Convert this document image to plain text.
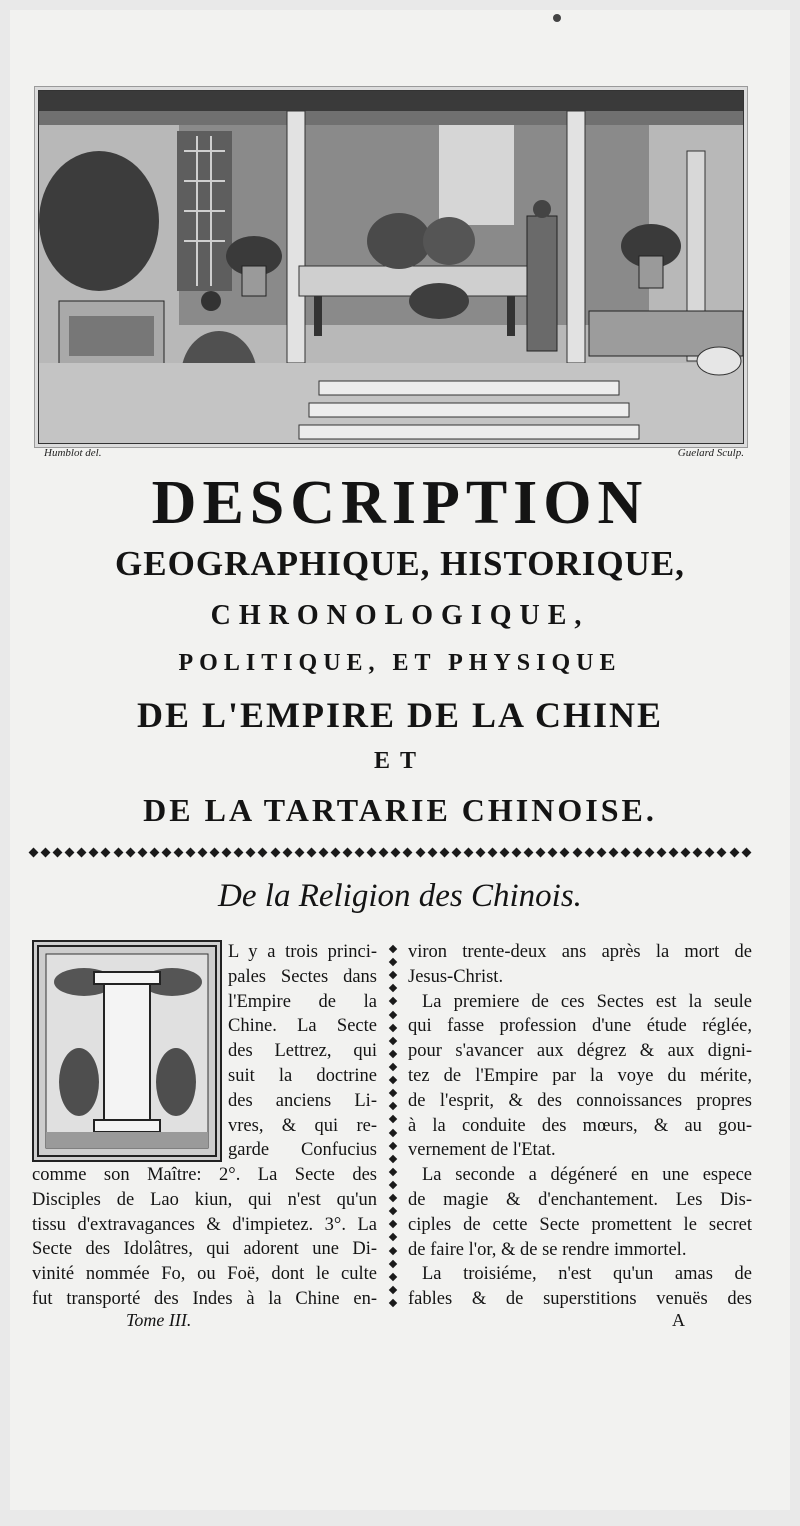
Humblot del.	Guelard Sculp.
DESCRIPTION
GEOGRAPHIQUE, HISTORIQUE,
CHRONOLOGIQUE,
POLITIQUE, ET PHYSIQUE
DE L'EMPIRE DE LA CHINE
ET
DE LA TARTARIE CHINOISE.
De la Religion des Chinois.
L y a trois princi-
pales Sectes dans
l'Empire de la
Chine. La Secte
des Lettrez, qui
suit la doctrine
des anciens Li-
vres, & qui re-
garde Confucius
comme son Maître: 2°. La Secte des
Disciples de Lao kiun, qui n'est qu'un
tissu d'extravagances & d'impietez. 3°. La
Secte des Idolâtres, qui adorent une Di-
vinité nommée Fo, ou Foë, dont le culte
fut transporté des Indes à la Chine en-
viron trente-deux ans après la mort de
Jesus-Christ.
La premiere de ces Sectes est la seule
qui fasse profession d'une étude réglée,
pour s'avancer aux dégrez & aux digni-
tez de l'Empire par la voye du mérite,
de l'esprit, & des connoissances propres
à la conduite des mœurs, & au gou-
vernement de l'Etat.
La seconde a dégéneré en une espece
de magie & d'enchantement. Les Dis-
ciples de cette Secte promettent le secret
de faire l'or, & de se rendre immortel.
La troisiéme, n'est qu'un amas de
fables & de superstitions venuës des
Tome III.	A
